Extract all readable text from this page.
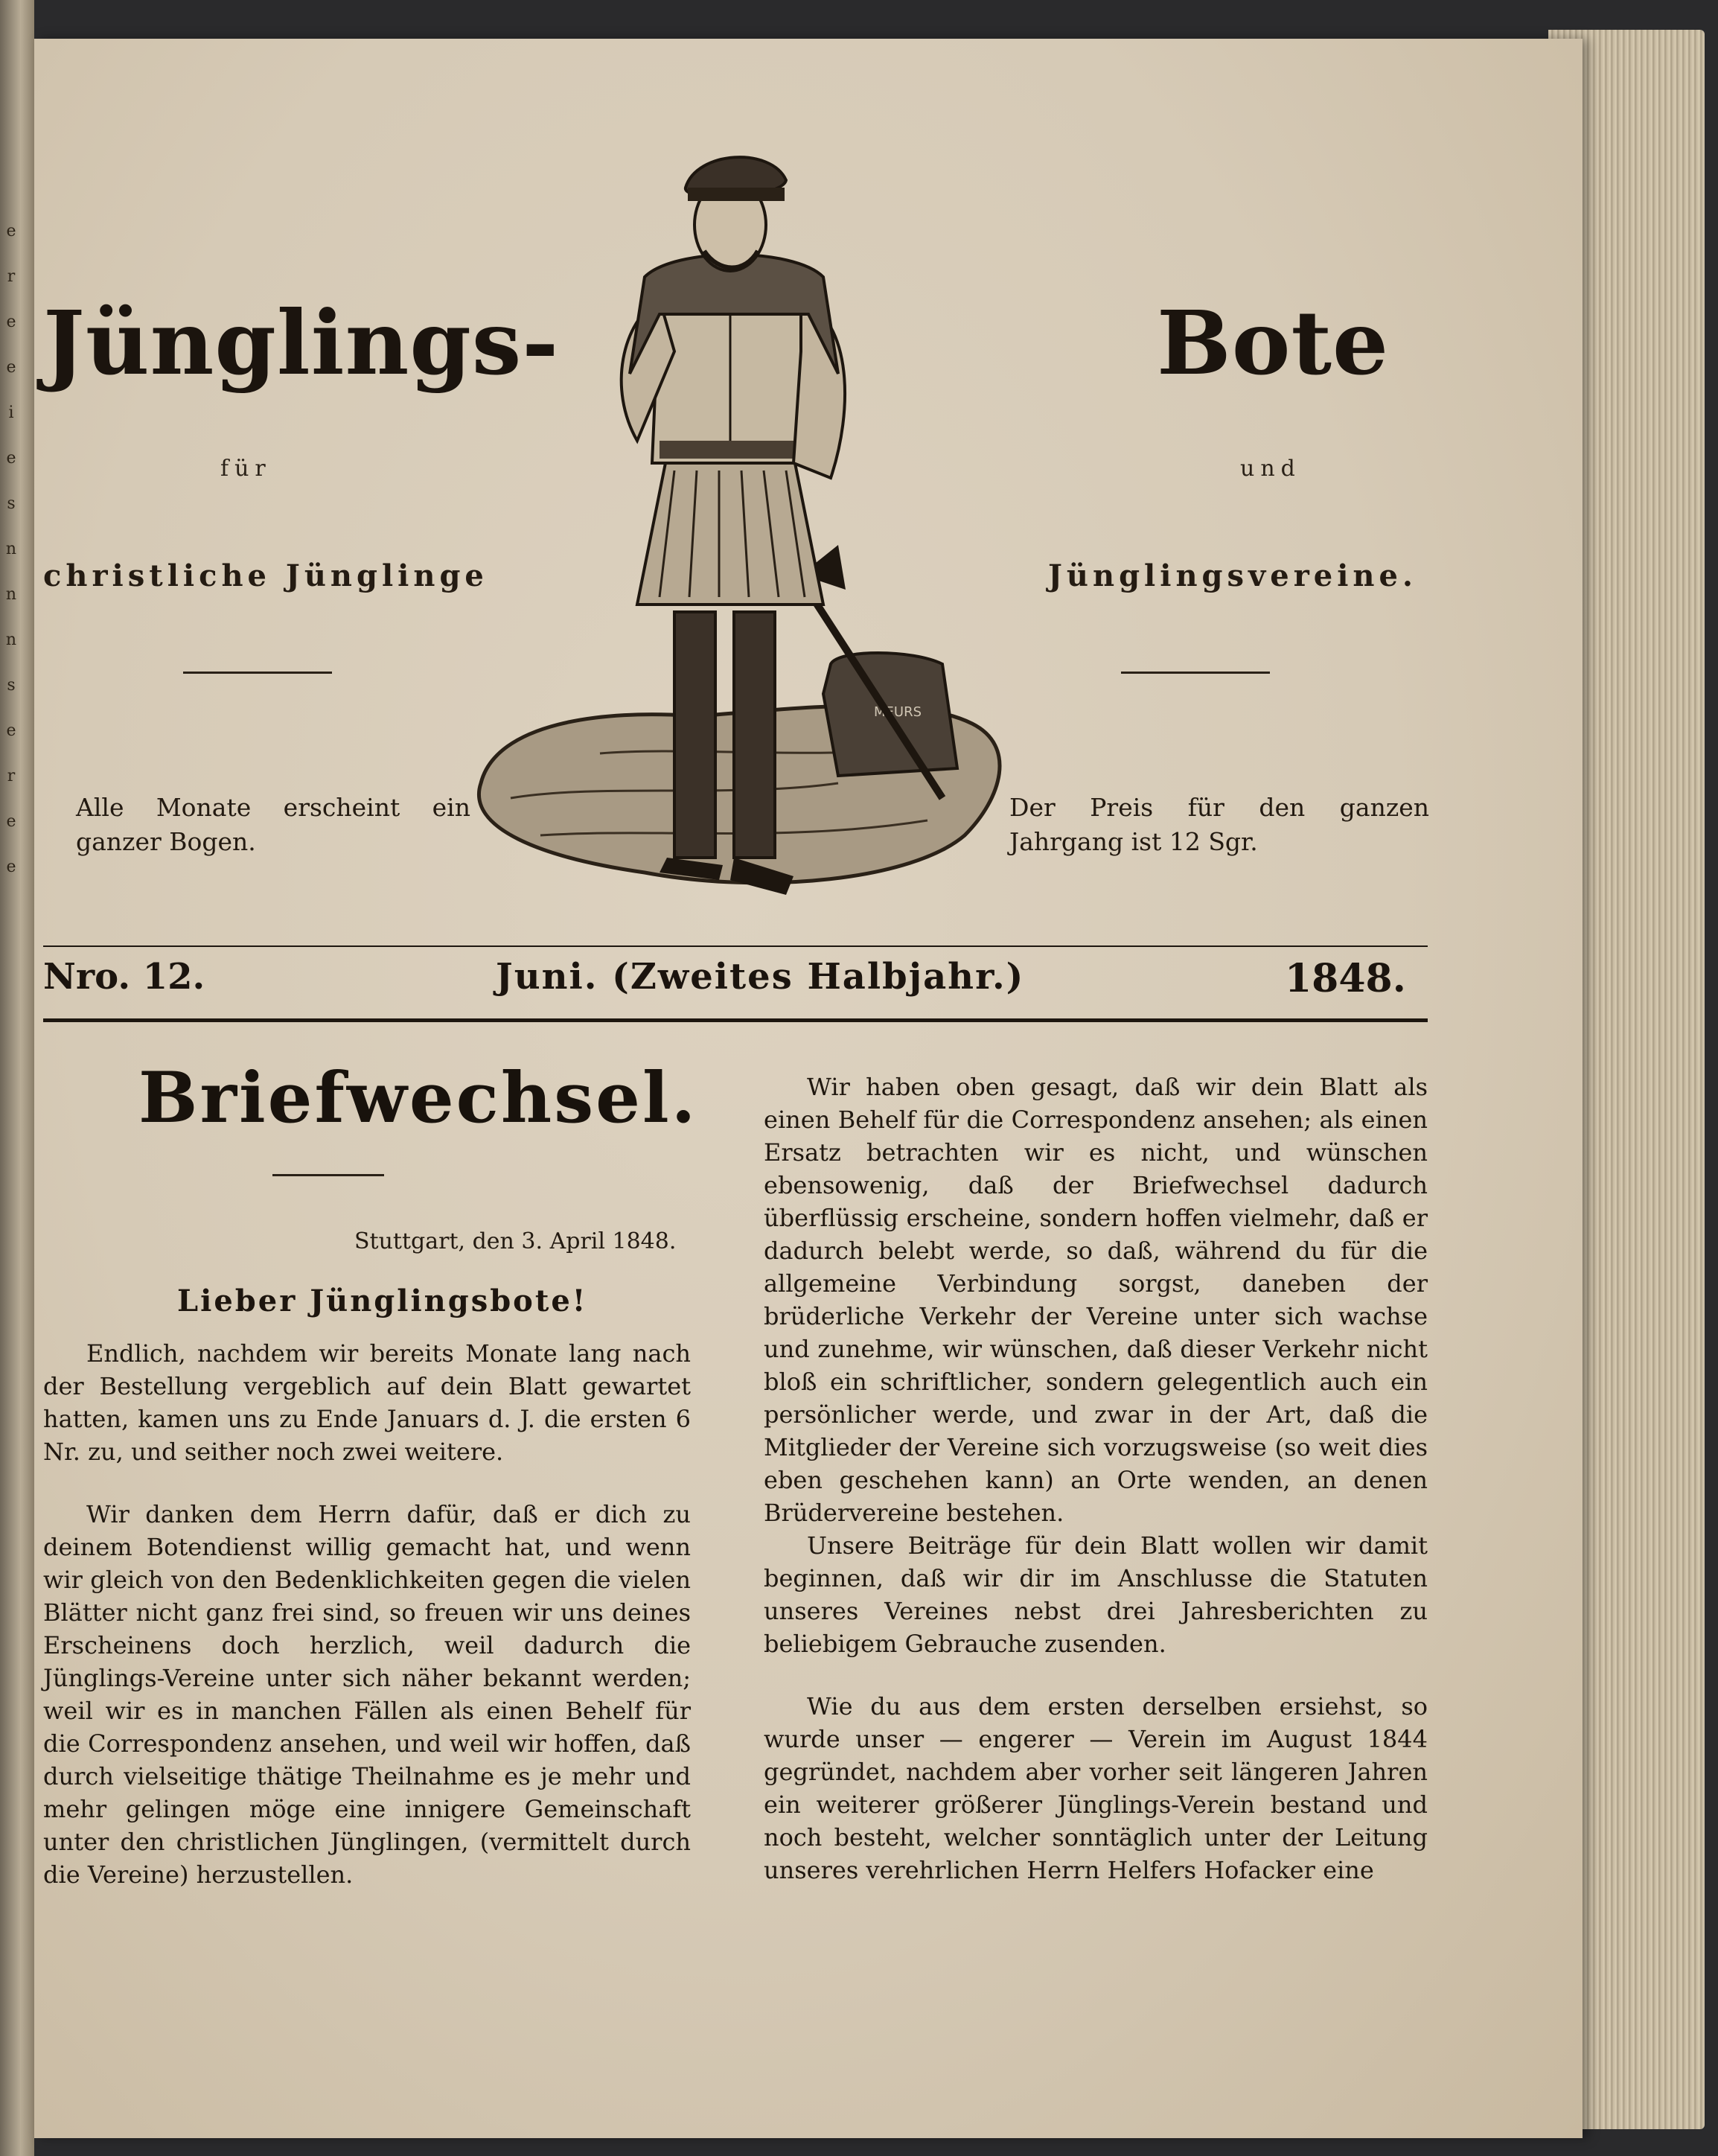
e
r
e
e
i
e
s
n
n
n
s
e
r
e
e
Jünglings-	Bote
für	und
christliche Jünglinge	Jünglingsvereine.
Alle Monate erscheint ein ganzer Bogen.
Der Preis für den ganzen Jahrgang ist 12 Sgr.
MEURS
Nro. 12.	Juni. (Zweites Halbjahr.)	1848.
Briefwechsel.
Stuttgart, den 3. April 1848.
Lieber Jünglingsbote!

Endlich, nachdem wir bereits Monate lang nach der Bestellung vergeblich auf dein Blatt gewartet hatten, kamen uns zu Ende Januars d. J. die ersten 6 Nr. zu, und seither noch zwei weitere.

Wir danken dem Herrn dafür, daß er dich zu deinem Botendienst willig gemacht hat, und wenn wir gleich von den Bedenklichkeiten gegen die vielen Blätter nicht ganz frei sind, so freuen wir uns deines Erscheinens doch herzlich, weil dadurch die Jünglings-Vereine unter sich näher bekannt werden; weil wir es in manchen Fällen als einen Behelf für die Correspondenz ansehen, und weil wir hoffen, daß durch vielseitige thätige Theilnahme es je mehr und mehr gelingen möge eine innigere Gemeinschaft unter den christlichen Jünglingen, (vermittelt durch die Vereine) herzustellen.

Wir haben oben gesagt, daß wir dein Blatt als einen Behelf für die Correspondenz ansehen; als einen Ersatz betrachten wir es nicht, und wünschen ebensowenig, daß der Briefwechsel dadurch überflüssig erscheine, sondern hoffen vielmehr, daß er dadurch belebt werde, so daß, während du für die allgemeine Verbindung sorgst, daneben der brüderliche Verkehr der Vereine unter sich wachse und zunehme, wir wünschen, daß dieser Verkehr nicht bloß ein schriftlicher, sondern gelegentlich auch ein persönlicher werde, und zwar in der Art, daß die Mitglieder der Vereine sich vorzugsweise (so weit dies eben geschehen kann) an Orte wenden, an denen Brüdervereine bestehen.

Unsere Beiträge für dein Blatt wollen wir damit beginnen, daß wir dir im Anschlusse die Statuten unseres Vereines nebst drei Jahresberichten zu beliebigem Gebrauche zusenden.

Wie du aus dem ersten derselben ersiehst, so wurde unser — engerer — Verein im August 1844 gegründet, nachdem aber vorher seit längeren Jahren ein weiterer größerer Jünglings-Verein bestand und noch besteht, welcher sonntäglich unter der Leitung unseres verehrlichen Herrn Helfers Hofacker eine
